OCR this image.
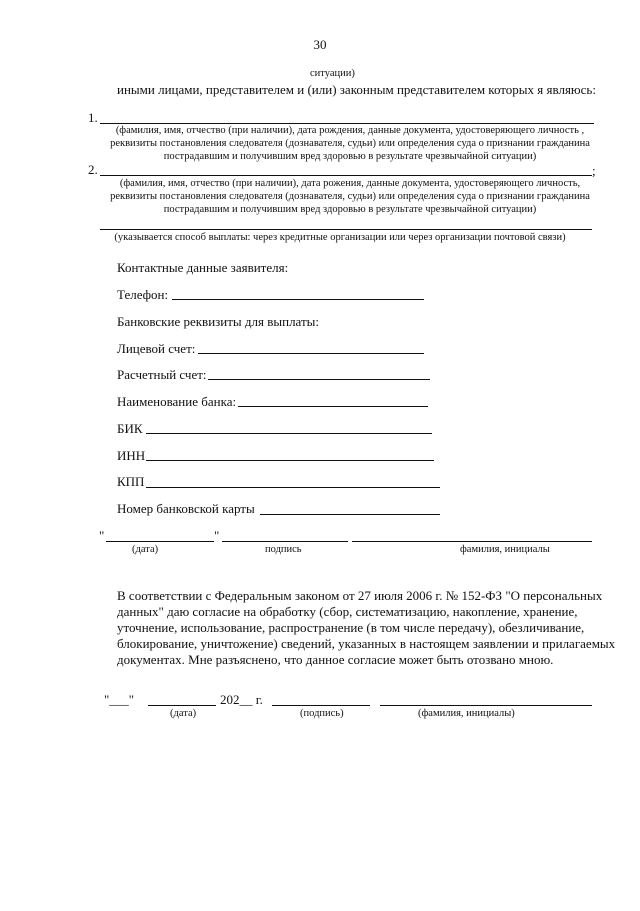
30
ситуации)
иными лицами, представителем и (или) законным представителем которых я являюсь:
1.
(фамилия, имя, отчество (при наличии), дата рождения, данные документа, удостоверяющего личность ,
реквизиты постановления следователя (дознавателя, судьи) или определения суда о признании гражданина
пострадавшим и получившим вред здоровью в результате чрезвычайной ситуации)
2.	;
(фамилия, имя, отчество (при наличии), дата рожения, данные документа, удостоверяющего личность,
реквизиты постановления следователя (дознавателя, судьи) или определения суда о признании гражданина
пострадавшим и получившим вред здоровью в результате чрезвычайной ситуации)
(указывается способ выплаты: через кредитные организации или через организации почтовой связи)
Контактные данные заявителя:
Телефон:
Банковские реквизиты для выплаты:
Лицевой счет:
Расчетный счет:
Наименование банка:
БИК
ИНН
КПП
Номер банковской карты
"	"
(дата)	подпись	фамилия, инициалы
В соответствии с Федеральным законом от 27 июля 2006 г. № 152-ФЗ "О персональных
данных" даю согласие на обработку (сбор, систематизацию, накопление, хранение,
уточнение, использование, распространение (в том числе передачу), обезличивание,
блокирование, уничтожение) сведений, указанных в настоящем заявлении и прилагаемых
документах. Мне разъяснено, что данное согласие может быть отозвано мною.
"___"	202__ г.
(дата)	(подпись)	(фамилия, инициалы)
